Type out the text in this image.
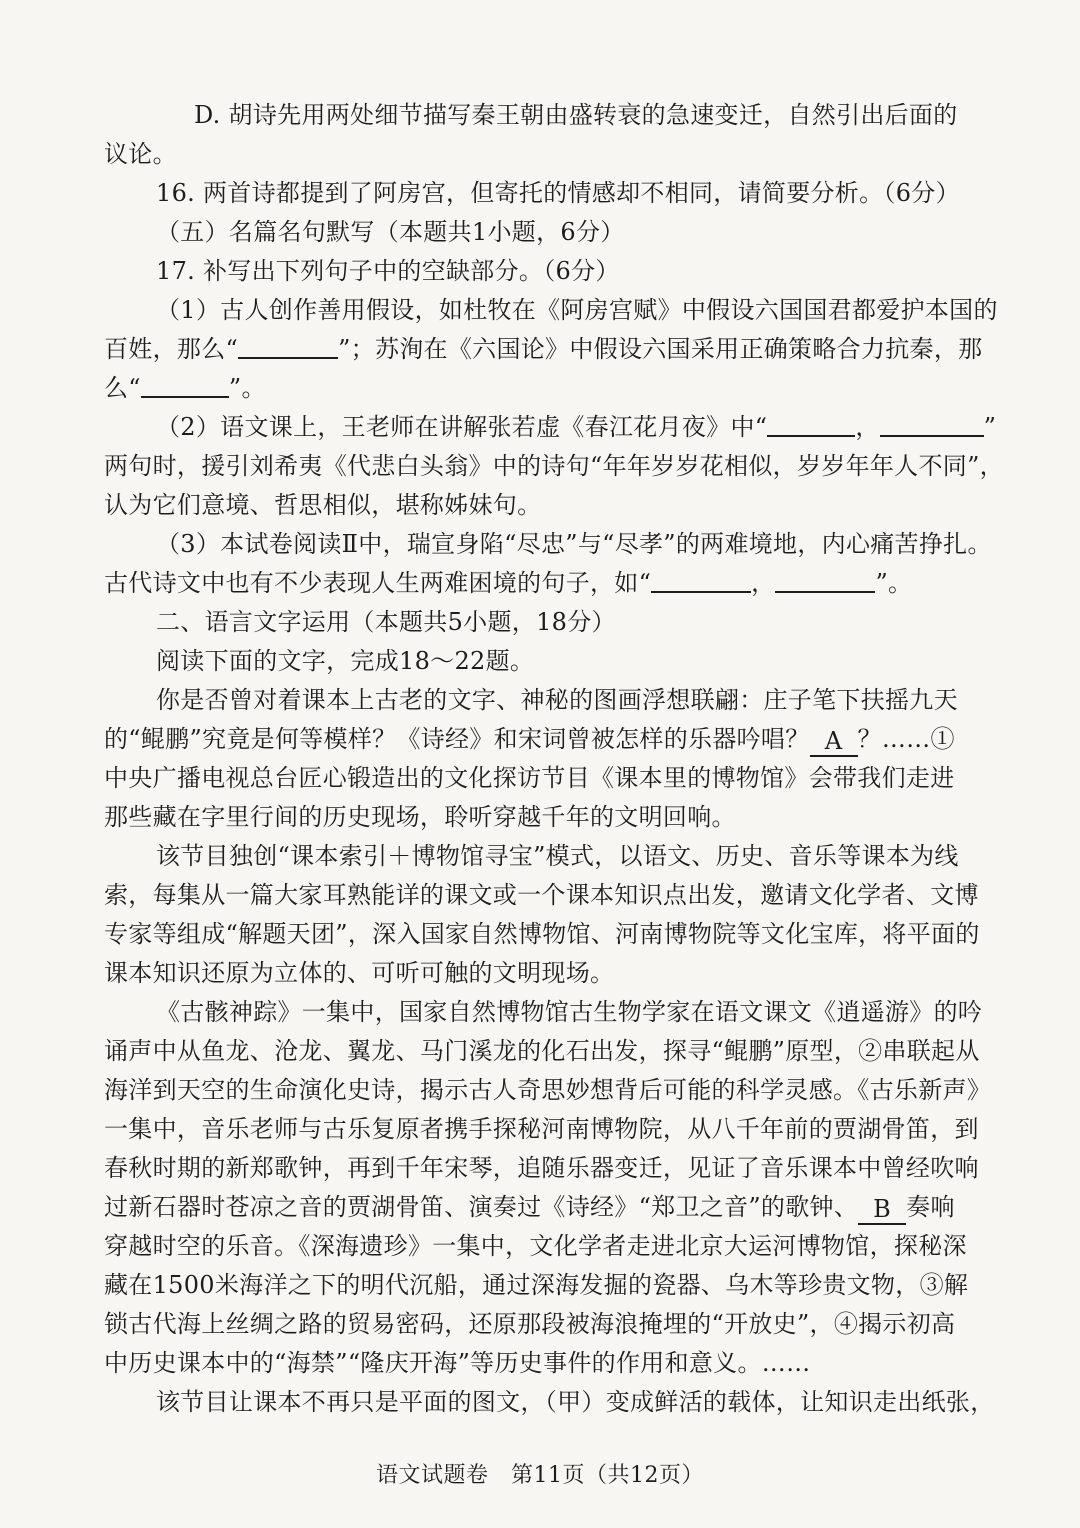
D. 胡诗先用两处细节描写秦王朝由盛转衰的急速变迁，自然引出后面的
议论。
16. 两首诗都提到了阿房宫，但寄托的情感却不相同，请简要分析。（6分）
（五）名篇名句默写（本题共1小题，6分）
17. 补写出下列句子中的空缺部分。（6分）
（1）古人创作善用假设，如杜牧在《阿房宫赋》中假设六国国君都爱护本国的
百姓，那么“	”；苏洵在《六国论》中假设六国采用正确策略合力抗秦，那
么“	”。
（2）语文课上，王老师在讲解张若虚《春江花月夜》中“	，	”
两句时，援引刘希夷《代悲白头翁》中的诗句“年年岁岁花相似，岁岁年年人不同”，
认为它们意境、哲思相似，堪称姊妹句。
（3）本试卷阅读Ⅱ中，瑞宣身陷“尽忠”与“尽孝”的两难境地，内心痛苦挣扎。
古代诗文中也有不少表现人生两难困境的句子，如“	，	”。
二、语言文字运用（本题共5小题，18分）
阅读下面的文字，完成18～22题。
你是否曾对着课本上古老的文字、神秘的图画浮想联翩：庄子笔下扶摇九天
的“鲲鹏”究竟是何等模样？《诗经》和宋词曾被怎样的乐器吟唱？ A ？……①
中央广播电视总台匠心锻造出的文化探访节目《课本里的博物馆》会带我们走进
那些藏在字里行间的历史现场，聆听穿越千年的文明回响。
该节目独创“课本索引＋博物馆寻宝”模式，以语文、历史、音乐等课本为线
索，每集从一篇大家耳熟能详的课文或一个课本知识点出发，邀请文化学者、文博
专家等组成“解题天团”，深入国家自然博物馆、河南博物院等文化宝库，将平面的
课本知识还原为立体的、可听可触的文明现场。
《古骸神踪》一集中，国家自然博物馆古生物学家在语文课文《逍遥游》的吟
诵声中从鱼龙、沧龙、翼龙、马门溪龙的化石出发，探寻“鲲鹏”原型，②串联起从
海洋到天空的生命演化史诗，揭示古人奇思妙想背后可能的科学灵感。《古乐新声》
一集中，音乐老师与古乐复原者携手探秘河南博物院，从八千年前的贾湖骨笛，到
春秋时期的新郑歌钟，再到千年宋琴，追随乐器变迁，见证了音乐课本中曾经吹响
过新石器时苍凉之音的贾湖骨笛、演奏过《诗经》“郑卫之音”的歌钟、 B 奏响
穿越时空的乐音。《深海遗珍》一集中，文化学者走进北京大运河博物馆，探秘深
藏在1500米海洋之下的明代沉船，通过深海发掘的瓷器、乌木等珍贵文物，③解
锁古代海上丝绸之路的贸易密码，还原那段被海浪掩埋的“开放史”，④揭示初高
中历史课本中的“海禁”“隆庆开海”等历史事件的作用和意义。……
该节目让课本不再只是平面的图文，（甲）变成鲜活的载体，让知识走出纸张，
语文试题卷　第11页（共12页）
